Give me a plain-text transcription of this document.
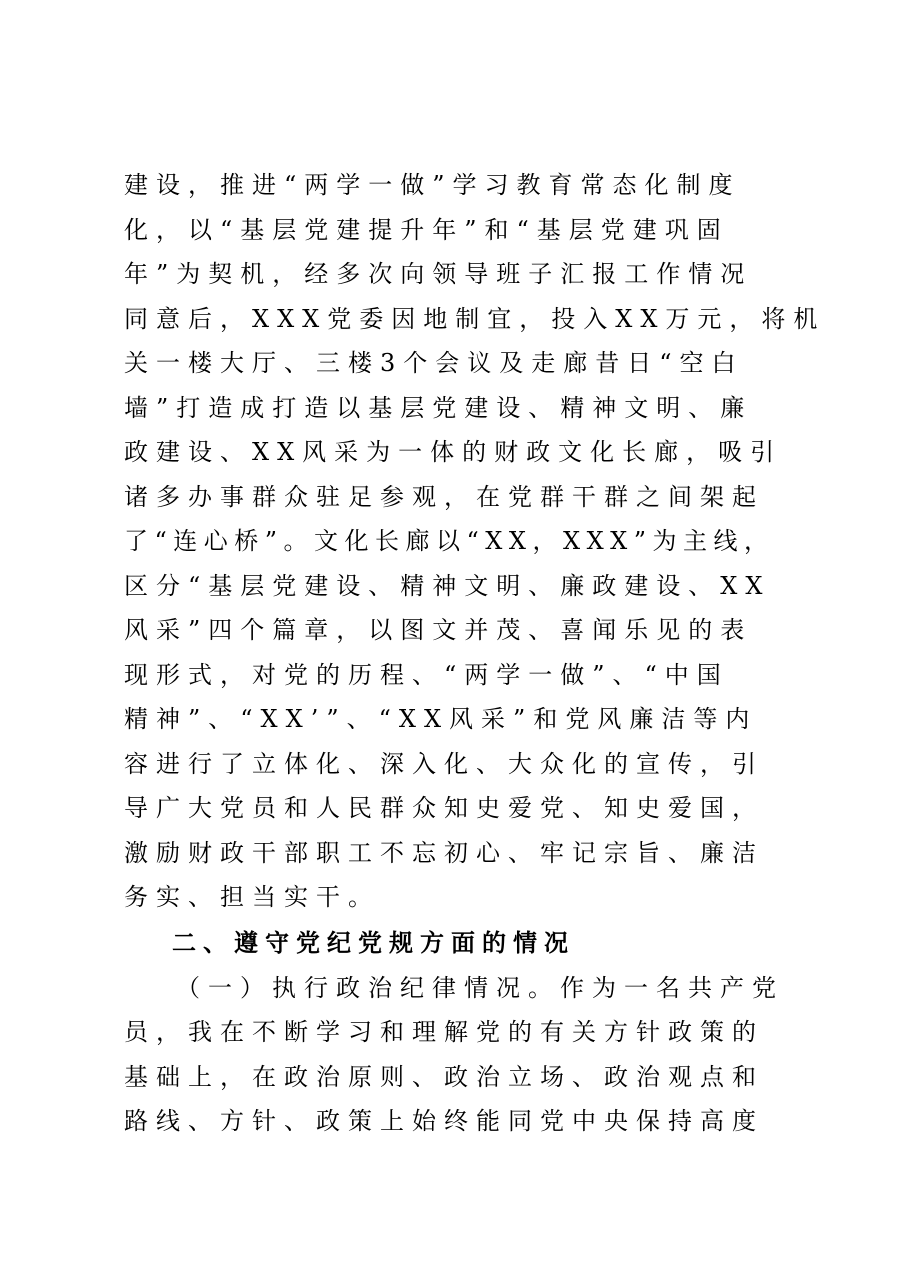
建设，推进“两学一做”学习教育常态化制度
化，以“基层党建提升年”和“基层党建巩固
年”为契机，经多次向领导班子汇报工作情况
同意后，XXX党委因地制宜，投入XX万元，将机
关一楼大厅、三楼3个会议及走廊昔日“空白
墙”打造成打造以基层党建设、精神文明、廉
政建设、XX风采为一体的财政文化长廊，吸引
诸多办事群众驻足参观，在党群干群之间架起
了“连心桥”。文化长廊以“XX，XXX”为主线，
区分“基层党建设、精神文明、廉政建设、XX
风采”四个篇章，以图文并茂、喜闻乐见的表
现形式，对党的历程、“两学一做”、“中国
精神”、“XX’”、“XX风采”和党风廉洁等内
容进行了立体化、深入化、大众化的宣传，引
导广大党员和人民群众知史爱党、知史爱国，
激励财政干部职工不忘初心、牢记宗旨、廉洁
务实、担当实干。
二、遵守党纪党规方面的情况
（一）执行政治纪律情况。作为一名共产党
员，我在不断学习和理解党的有关方针政策的
基础上，在政治原则、政治立场、政治观点和
路线、方针、政策上始终能同党中央保持高度
